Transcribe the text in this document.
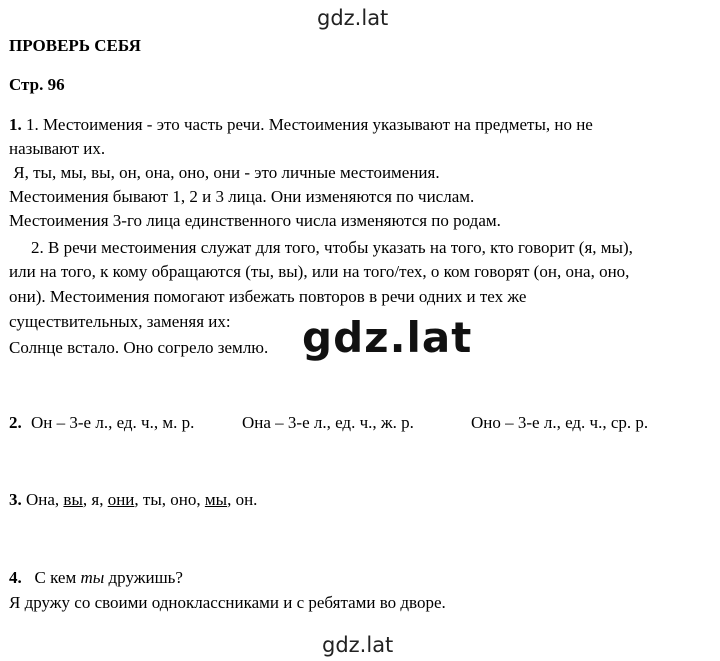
gdz.lat
ПРОВЕРЬ СЕБЯ
Стр. 96
1. 1. Местоимения - это часть речи. Местоимения указывают на предметы, но не
называют их.
Я, ты, мы, вы, он, она, оно, они - это личные местоимения.
Местоимения бывают 1, 2 и 3 лица. Они изменяются по числам.
Местоимения 3-го лица единственного числа изменяются по родам.
2. В речи местоимения служат для того, чтобы указать на того, кто говорит (я, мы),
или на того, к кому обращаются (ты, вы), или на того/тех, о ком говорят (он, она, оно,
они). Местоимения помогают избежать повторов в речи одних и тех же
существительных, заменяя их:
Солнце встало. Оно согрело землю. gdz.lat
2. Он – 3-е л., ед. ч., м. р.	Она – 3-е л., ед. ч., ж. р.	Оно – 3-е л., ед. ч., ср. р.
3. Она, вы, я, они, ты, оно, мы, он.
4. С кем ты дружишь?
Я дружу со своими одноклассниками и с ребятами во дворе.
gdz.lat
